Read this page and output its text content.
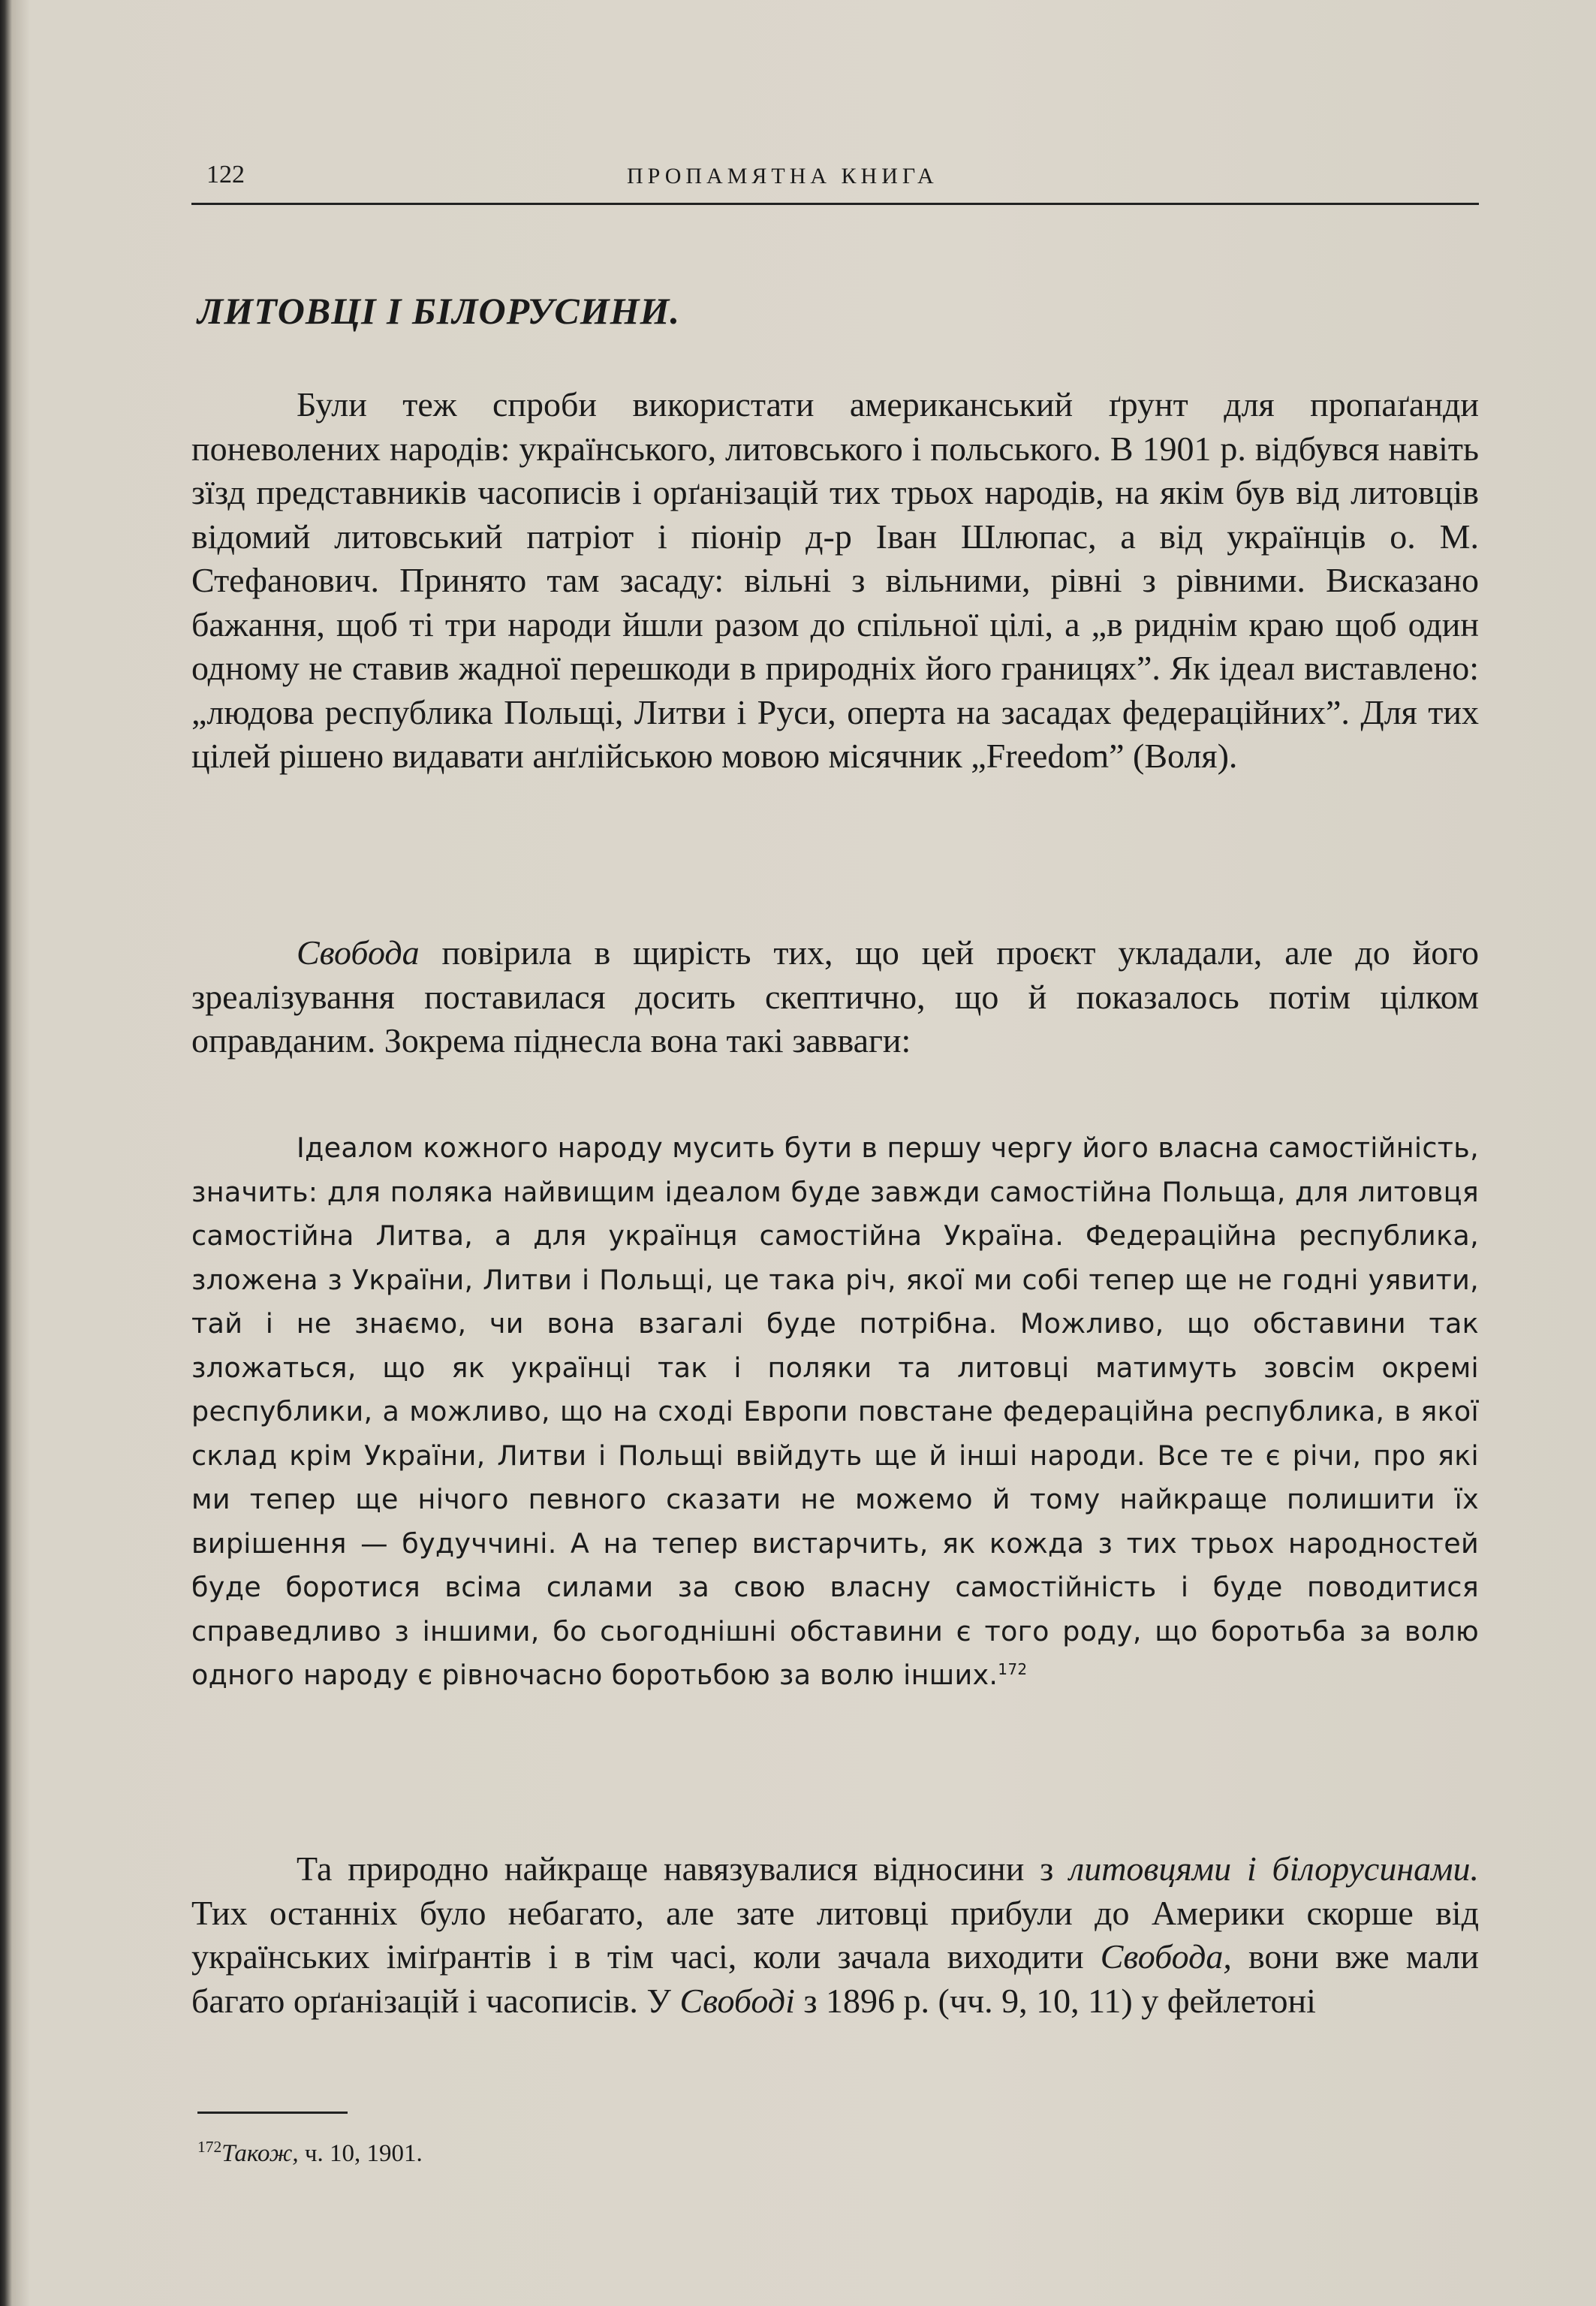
122	ПРОПАМЯТНА КНИГА
ЛИТОВЦІ І БІЛОРУСИНИ.

Були теж спроби використати американський ґрунт для пропаґанди поневолених народів: українського, литовського і польського. В 1901 р. відбувся навіть зїзд представників часописів і орґанізацій тих трьох народів, на якім був від литовців відомий литовський патріот і піонір д-р Іван Шлюпас, а від українців о. М. Стефанович. Принято там засаду: вільні з вільними, рівні з рівними. Висказано бажання, щоб ті три народи йшли разом до спільної цілі, а „в риднім краю щоб один одному не ставив жадної перешкоди в природніх його границях”. Як ідеал виставлено: „людова республика Польщі, Литви і Руси, оперта на засадах федераційних”. Для тих цілей рішено видавати анґлійською мовою місячник „Freedom” (Воля).

Свобода повірила в щирість тих, що цей проєкт укладали, але до його зреалізування поставилася досить скептично, що й показалось потім цілком оправданим. Зокрема піднесла вона такі завваги:

Ідеалом кожного народу мусить бути в першу чергу його власна самостійність, значить: для поляка найвищим ідеалом буде завжди самостійна Польща, для литовця самостійна Литва, а для українця самостійна Україна. Федераційна республика, зложена з України, Литви і Польщі, це така річ, якої ми собі тепер ще не годні уявити, тай і не знаємо, чи вона взагалі буде потрібна. Можливо, що обставини так зложаться, що як українці так і поляки та литовці матимуть зовсім окремі республики, а можливо, що на сході Европи повстане федераційна республика, в якої склад крім України, Литви і Польщі ввійдуть ще й інші народи. Все те є річи, про які ми тепер ще нічого певного сказати не можемо й тому найкраще полишити їх вирішення — будуччині. А на тепер вистарчить, як кожда з тих трьох народностей буде боротися всіма силами за свою власну самостійність і буде поводитися справедливо з іншими, бо сьогоднішні обставини є того роду, що боротьба за волю одного народу є рівночасно боротьбою за волю інших.$^{172}$

Та природно найкраще навязувалися відносини з литовцями і білорусинами. Тих останніх було небагато, але зате литовці прибули до Америки скорше від українських іміґрантів і в тім часі, коли зачала виходити Свобода, вони вже мали багато орґанізацій і часописів. У Свободі з 1896 р. (чч. 9, 10, 11) у фейлетоні

$^{172}$Також, ч. 10, 1901.
